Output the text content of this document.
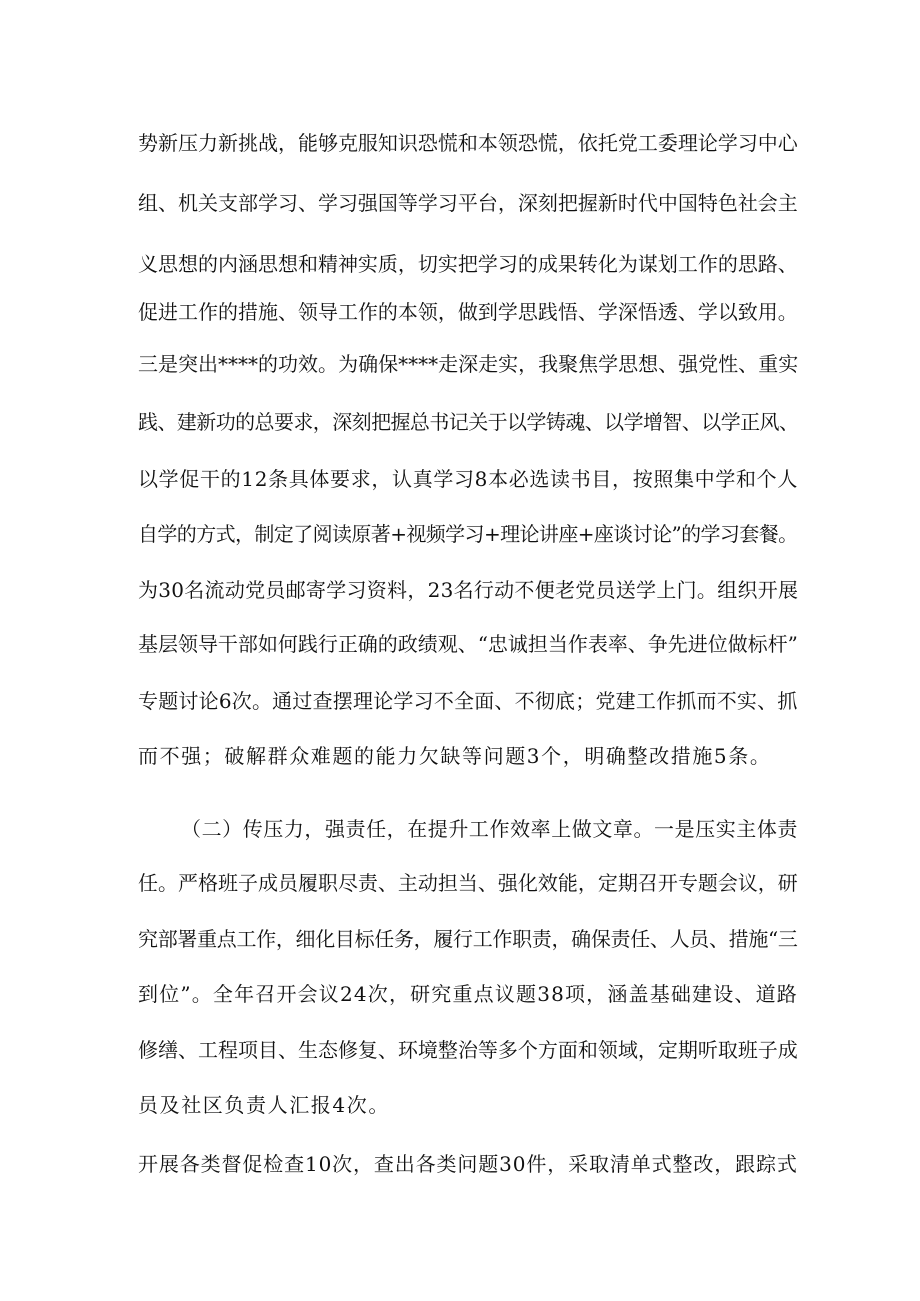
势新压力新挑战，能够克服知识恐慌和本领恐慌，依托党工委理论学习中心
组、机关支部学习、学习强国等学习平台，深刻把握新时代中国特色社会主
义思想的内涵思想和精神实质，切实把学习的成果转化为谋划工作的思路、
促进工作的措施、领导工作的本领，做到学思践悟、学深悟透、学以致用。
三是突出****的功效。为确保****走深走实，我聚焦学思想、强党性、重实
践、建新功的总要求，深刻把握总书记关于以学铸魂、以学增智、以学正风、
以学促干的12条具体要求，认真学习8本必选读书目，按照集中学和个人
自学的方式，制定了阅读原著+视频学习+理论讲座+座谈讨论”的学习套餐。
为30名流动党员邮寄学习资料，23名行动不便老党员送学上门。组织开展
基层领导干部如何践行正确的政绩观、“忠诚担当作表率、争先进位做标杆”
专题讨论6次。通过查摆理论学习不全面、不彻底；党建工作抓而不实、抓
而不强；破解群众难题的能力欠缺等问题3个，明确整改措施5条。
（二）传压力，强责任，在提升工作效率上做文章。一是压实主体责
任。严格班子成员履职尽责、主动担当、强化效能，定期召开专题会议，研
究部署重点工作，细化目标任务，履行工作职责，确保责任、人员、措施“三
到位”。全年召开会议24次，研究重点议题38项，涵盖基础建设、道路
修缮、工程项目、生态修复、环境整治等多个方面和领域，定期听取班子成
员及社区负责人汇报4次。
开展各类督促检查10次，查出各类问题30件，采取清单式整改，跟踪式
